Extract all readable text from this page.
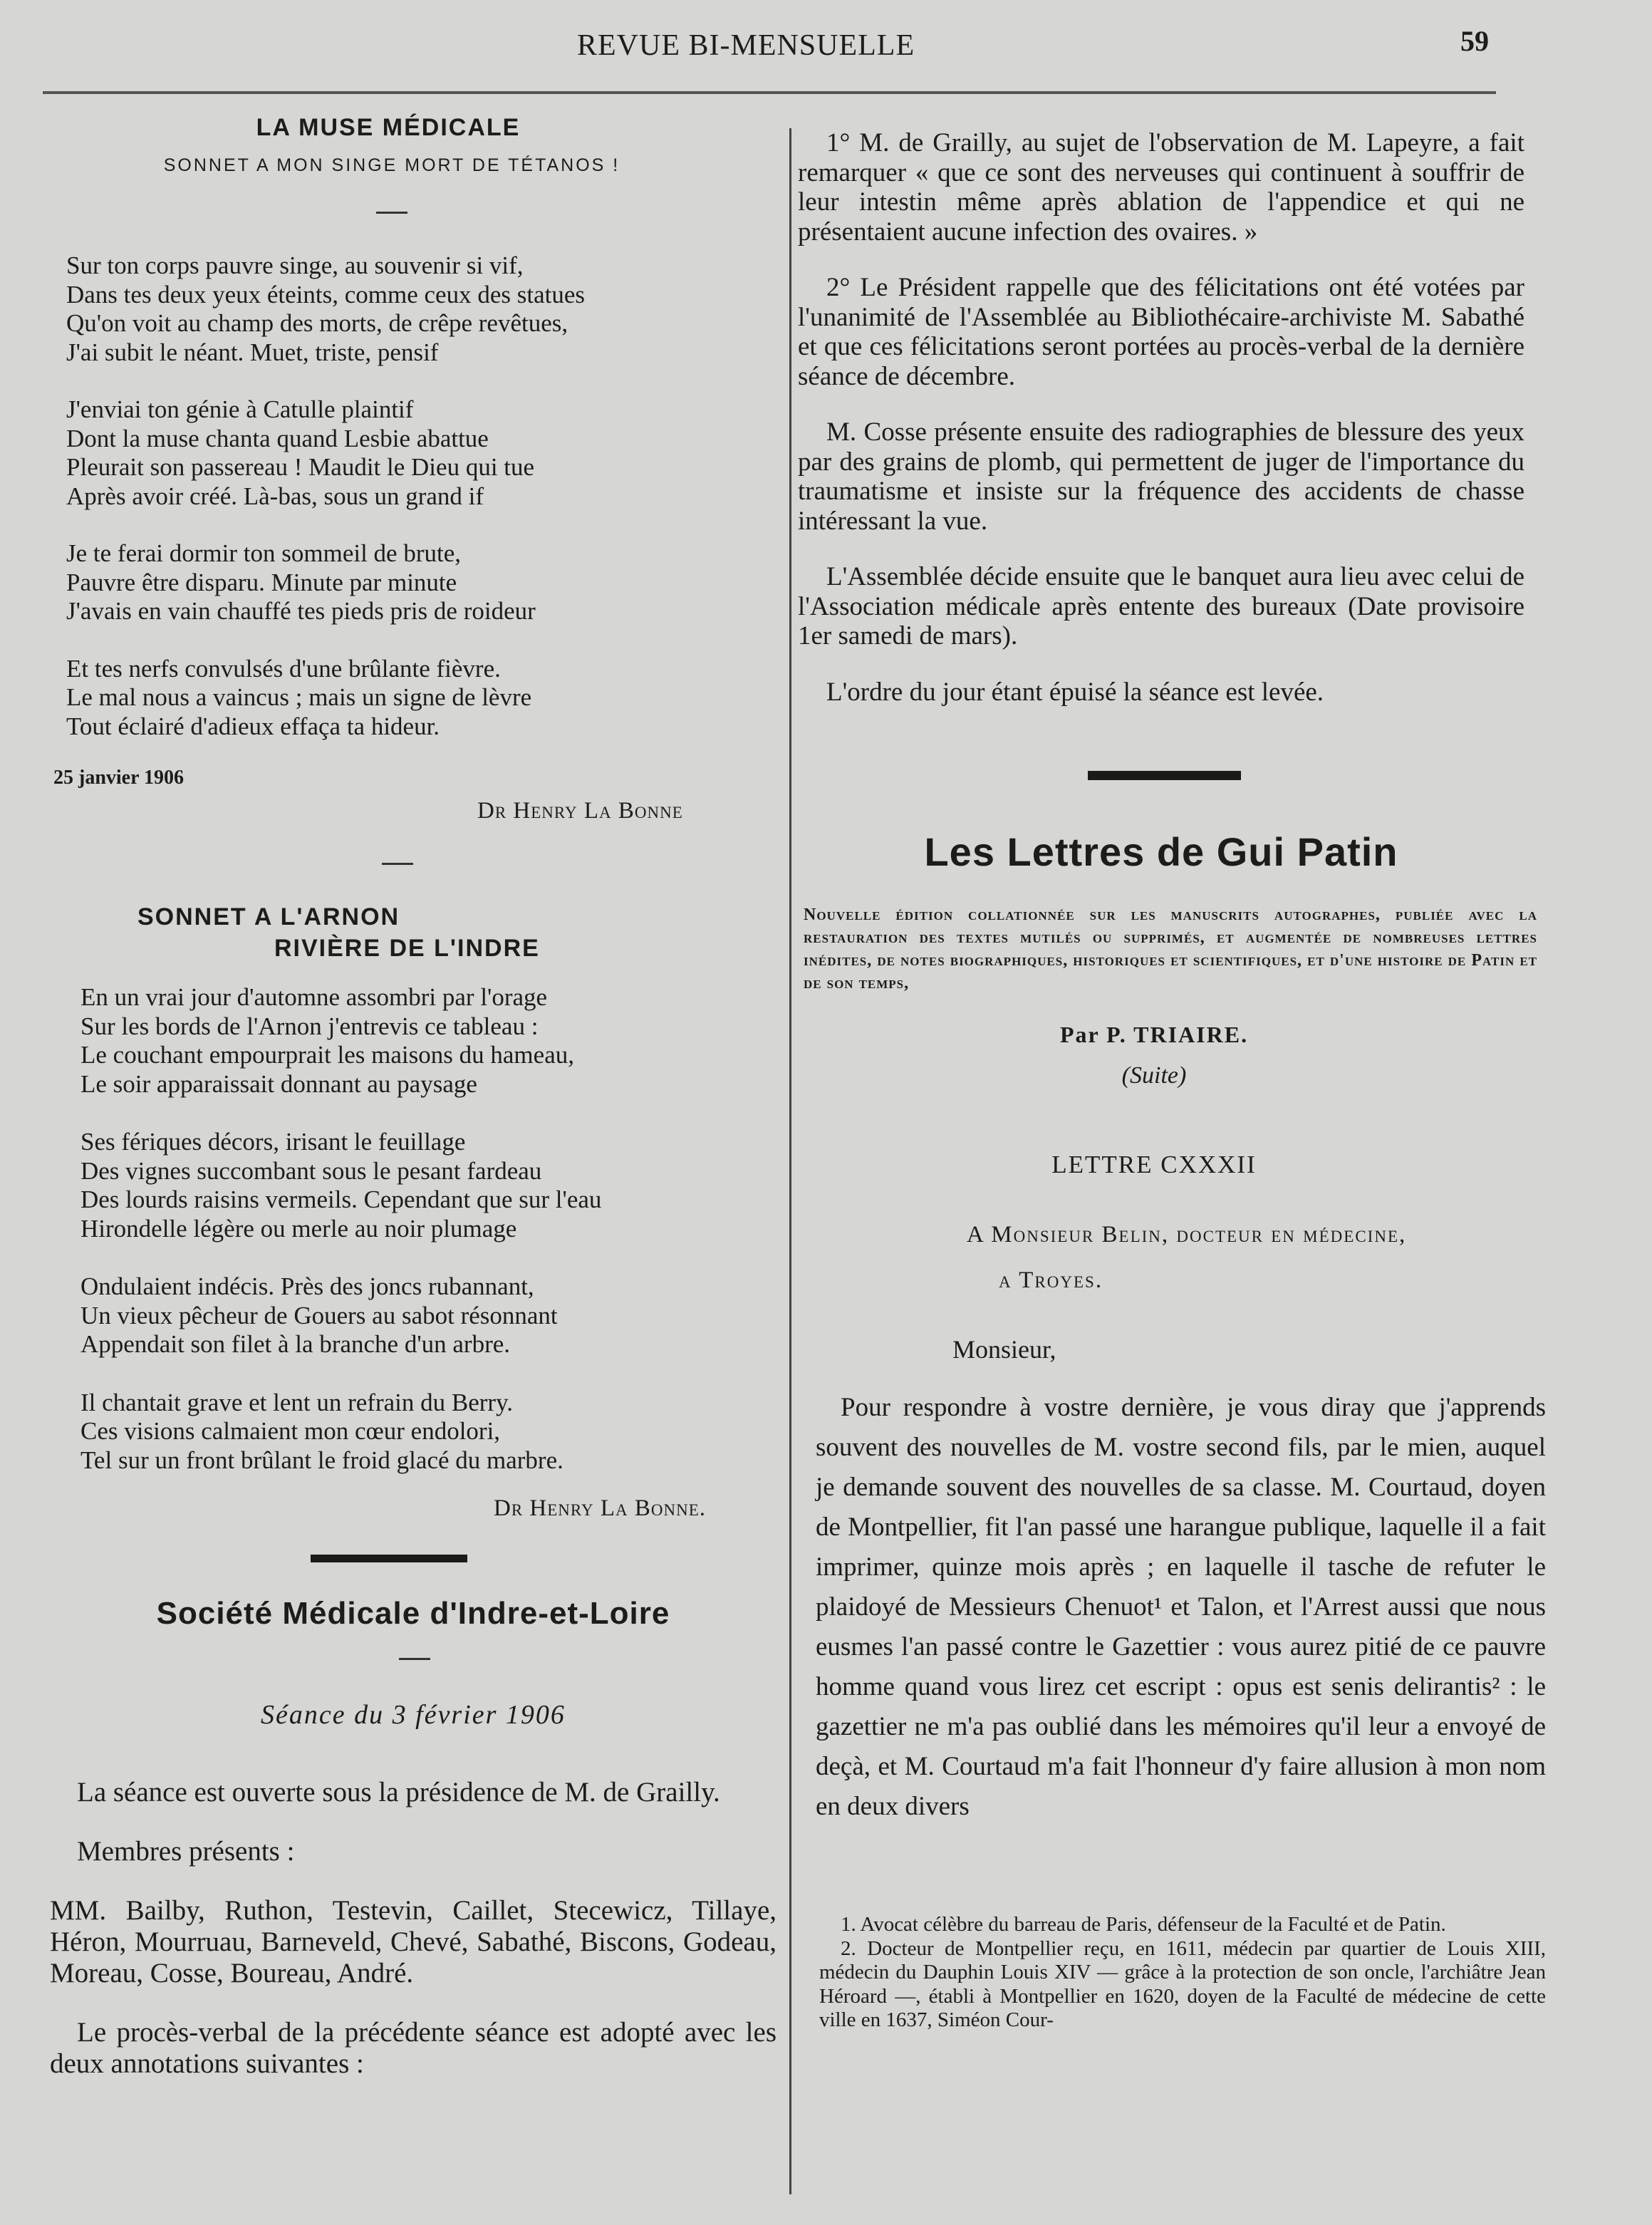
REVUE BI-MENSUELLE	59
LA MUSE MÉDICALE
SONNET A MON SINGE MORT DE TÉTANOS !
Sur ton corps pauvre singe, au souvenir si vif,
Dans tes deux yeux éteints, comme ceux des statues
Qu'on voit au champ des morts, de crêpe revêtues,
J'ai subit le néant. Muet, triste, pensif
J'enviai ton génie à Catulle plaintif
Dont la muse chanta quand Lesbie abattue
Pleurait son passereau ! Maudit le Dieu qui tue
Après avoir créé. Là-bas, sous un grand if
Je te ferai dormir ton sommeil de brute,
Pauvre être disparu. Minute par minute
J'avais en vain chauffé tes pieds pris de roideur
Et tes nerfs convulsés d'une brûlante fièvre.
Le mal nous a vaincus ; mais un signe de lèvre
Tout éclairé d'adieux effaça ta hideur.
25 janvier 1906
Dr Henry La Bonne
SONNET A L'ARNON
RIVIÈRE DE L'INDRE
En un vrai jour d'automne assombri par l'orage
Sur les bords de l'Arnon j'entrevis ce tableau :
Le couchant empourprait les maisons du hameau,
Le soir apparaissait donnant au paysage
Ses fériques décors, irisant le feuillage
Des vignes succombant sous le pesant fardeau
Des lourds raisins vermeils. Cependant que sur l'eau
Hirondelle légère ou merle au noir plumage
Ondulaient indécis. Près des joncs rubannant,
Un vieux pêcheur de Gouers au sabot résonnant
Appendait son filet à la branche d'un arbre.
Il chantait grave et lent un refrain du Berry.
Ces visions calmaient mon cœur endolori,
Tel sur un front brûlant le froid glacé du marbre.
Dr Henry La Bonne.
Société Médicale d'Indre-et-Loire
Séance du 3 février 1906

La séance est ouverte sous la présidence de M. de Grailly.

Membres présents :

MM. Bailby, Ruthon, Testevin, Caillet, Stecewicz, Tillaye, Héron, Mourruau, Barneveld, Chevé, Sabathé, Biscons, Godeau, Moreau, Cosse, Boureau, André.

Le procès-verbal de la précédente séance est adopté avec les deux annotations suivantes :

1° M. de Grailly, au sujet de l'observation de M. Lapeyre, a fait remarquer « que ce sont des nerveuses qui continuent à souffrir de leur intestin même après ablation de l'appendice et qui ne présentaient aucune infection des ovaires. »

2° Le Président rappelle que des félicitations ont été votées par l'unanimité de l'Assemblée au Bibliothécaire-archiviste M. Sabathé et que ces félicitations seront portées au procès-verbal de la dernière séance de décembre.

M. Cosse présente ensuite des radiographies de blessure des yeux par des grains de plomb, qui permettent de juger de l'importance du traumatisme et insiste sur la fréquence des accidents de chasse intéressant la vue.

L'Assemblée décide ensuite que le banquet aura lieu avec celui de l'Association médicale après entente des bureaux (Date provisoire 1er samedi de mars).

L'ordre du jour étant épuisé la séance est levée.

Les Lettres de Gui Patin
Nouvelle édition collationnée sur les manuscrits autographes, publiée avec la restauration des textes mutilés ou supprimés, et augmentée de nombreuses lettres inédites, de notes biographiques, historiques et scientifiques, et d'une histoire de Patin et de son temps,
Par P. TRIAIRE.
(Suite)
LETTRE CXXXII
A Monsieur Belin, docteur en médecine,
a Troyes.
Monsieur,

Pour respondre à vostre dernière, je vous diray que j'apprends souvent des nouvelles de M. vostre second fils, par le mien, auquel je demande souvent des nouvelles de sa classe. M. Courtaud, doyen de Montpellier, fit l'an passé une harangue publique, laquelle il a fait imprimer, quinze mois après ; en laquelle il tasche de refuter le plaidoyé de Messieurs Chenuot¹ et Talon, et l'Arrest aussi que nous eusmes l'an passé contre le Gazettier : vous aurez pitié de ce pauvre homme quand vous lirez cet escript : opus est senis delirantis² : le gazettier ne m'a pas oublié dans les mémoires qu'il leur a envoyé de deçà, et M. Courtaud m'a fait l'honneur d'y faire allusion à mon nom en deux divers

1. Avocat célèbre du barreau de Paris, défenseur de la Faculté et de Patin.

2. Docteur de Montpellier reçu, en 1611, médecin par quartier de Louis XIII, médecin du Dauphin Louis XIV — grâce à la protection de son oncle, l'archiâtre Jean Héroard —, établi à Montpellier en 1620, doyen de la Faculté de médecine de cette ville en 1637, Siméon Cour-
